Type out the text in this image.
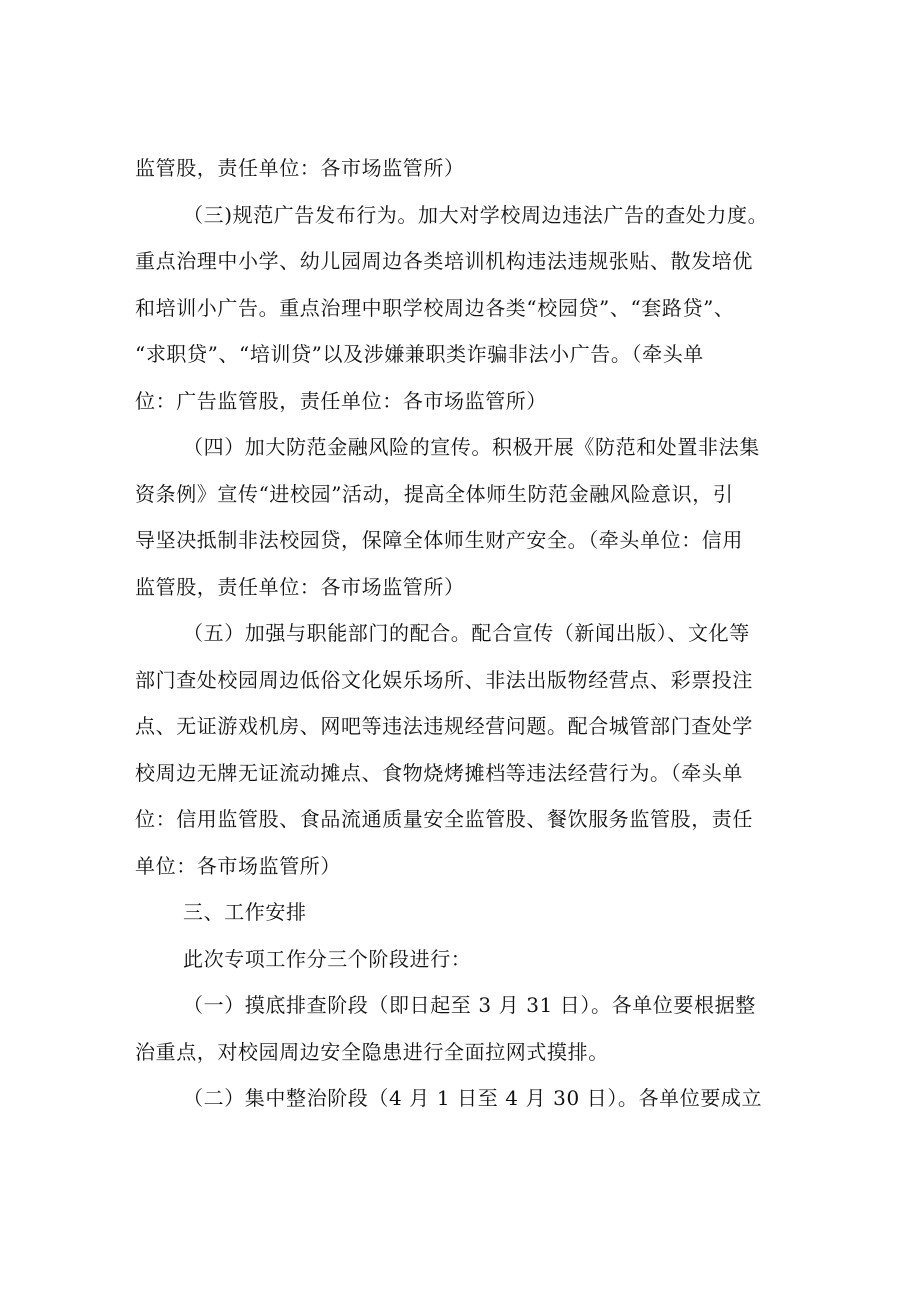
监管股，责任单位：各市场监管所）
（三)规范广告发布行为。加大对学校周边违法广告的查处力度。
重点治理中小学、幼儿园周边各类培训机构违法违规张贴、散发培优
和培训小广告。重点治理中职学校周边各类“校园贷”、“套路贷”、
“求职贷”、“培训贷”以及涉嫌兼职类诈骗非法小广告。（牵头单
位：广告监管股，责任单位：各市场监管所）
（四）加大防范金融风险的宣传。积极开展《防范和处置非法集
资条例》宣传“进校园”活动，提高全体师生防范金融风险意识，引
导坚决抵制非法校园贷，保障全体师生财产安全。（牵头单位：信用
监管股，责任单位：各市场监管所）
（五）加强与职能部门的配合。配合宣传（新闻出版）、文化等
部门查处校园周边低俗文化娱乐场所、非法出版物经营点、彩票投注
点、无证游戏机房、网吧等违法违规经营问题。配合城管部门查处学
校周边无牌无证流动摊点、食物烧烤摊档等违法经营行为。（牵头单
位：信用监管股、食品流通质量安全监管股、餐饮服务监管股，责任
单位：各市场监管所）
三、工作安排
此次专项工作分三个阶段进行：
（一）摸底排查阶段（即日起至 3 月 31 日）。各单位要根据整
治重点，对校园周边安全隐患进行全面拉网式摸排。
（二）集中整治阶段（4 月 1 日至 4 月 30 日）。各单位要成立
